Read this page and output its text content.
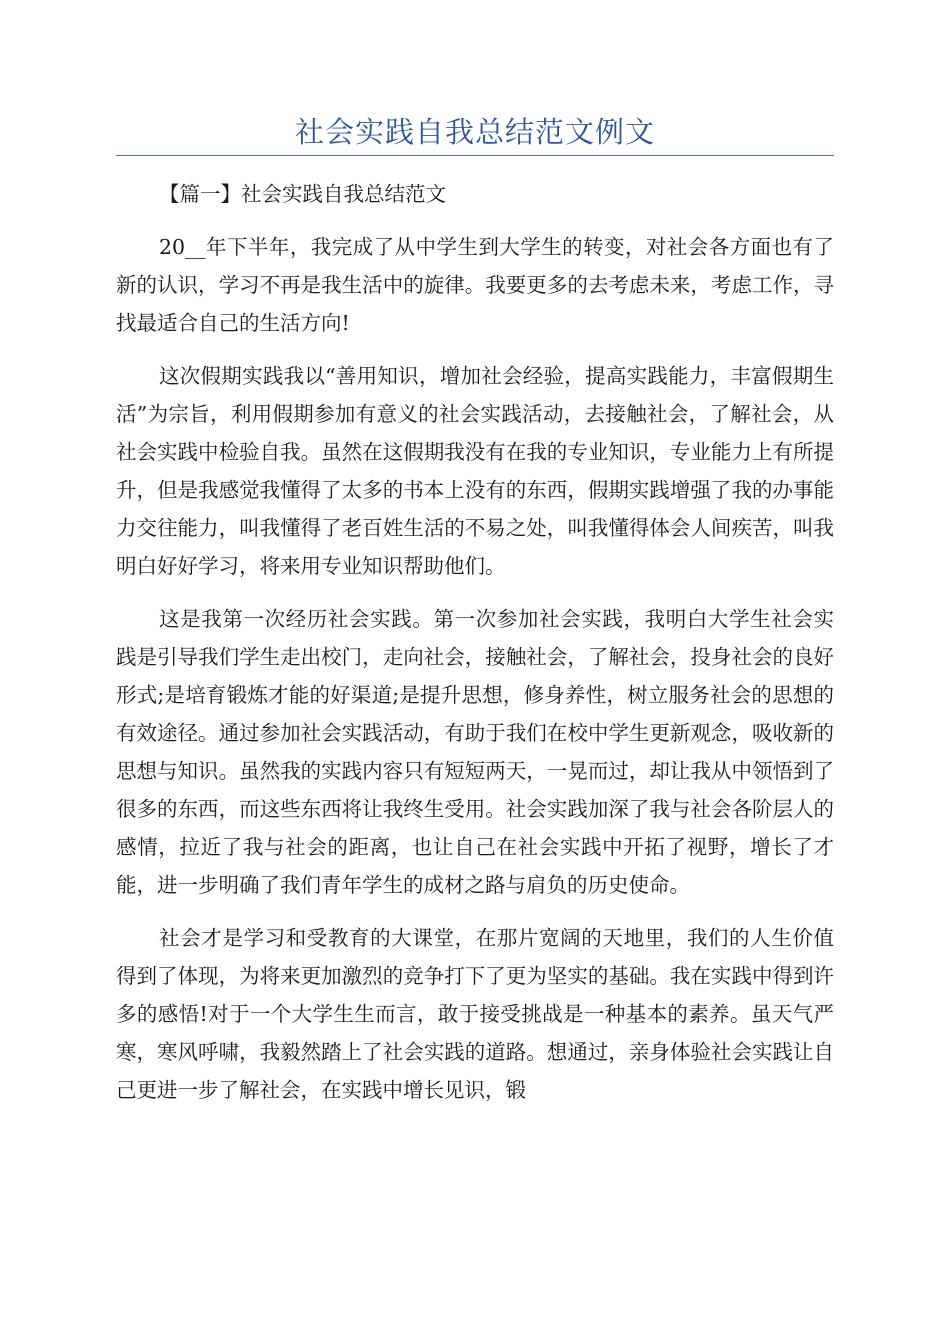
社会实践自我总结范文例文

【篇一】社会实践自我总结范文

20__年下半年，我完成了从中学生到大学生的转变，对社会各方面也有了新的认识，学习不再是我生活中的旋律。我要更多的去考虑未来，考虑工作，寻找最适合自己的生活方向!

这次假期实践我以“善用知识，增加社会经验，提高实践能力，丰富假期生活”为宗旨，利用假期参加有意义的社会实践活动，去接触社会，了解社会，从社会实践中检验自我。虽然在这假期我没有在我的专业知识，专业能力上有所提升，但是我感觉我懂得了太多的书本上没有的东西，假期实践增强了我的办事能力交往能力，叫我懂得了老百姓生活的不易之处，叫我懂得体会人间疾苦，叫我明白好好学习，将来用专业知识帮助他们。

这是我第一次经历社会实践。第一次参加社会实践，我明白大学生社会实践是引导我们学生走出校门，走向社会，接触社会，了解社会，投身社会的良好形式;是培育锻炼才能的好渠道;是提升思想，修身养性，树立服务社会的思想的有效途径。通过参加社会实践活动，有助于我们在校中学生更新观念，吸收新的思想与知识。虽然我的实践内容只有短短两天，一晃而过，却让我从中领悟到了很多的东西，而这些东西将让我终生受用。社会实践加深了我与社会各阶层人的感情，拉近了我与社会的距离，也让自己在社会实践中开拓了视野，增长了才能，进一步明确了我们青年学生的成材之路与肩负的历史使命。

社会才是学习和受教育的大课堂，在那片宽阔的天地里，我们的人生价值得到了体现，为将来更加激烈的竞争打下了更为坚实的基础。我在实践中得到许多的感悟!对于一个大学生生而言，敢于接受挑战是一种基本的素养。虽天气严寒，寒风呼啸，我毅然踏上了社会实践的道路。想通过，亲身体验社会实践让自己更进一步了解社会，在实践中增长见识，锻
